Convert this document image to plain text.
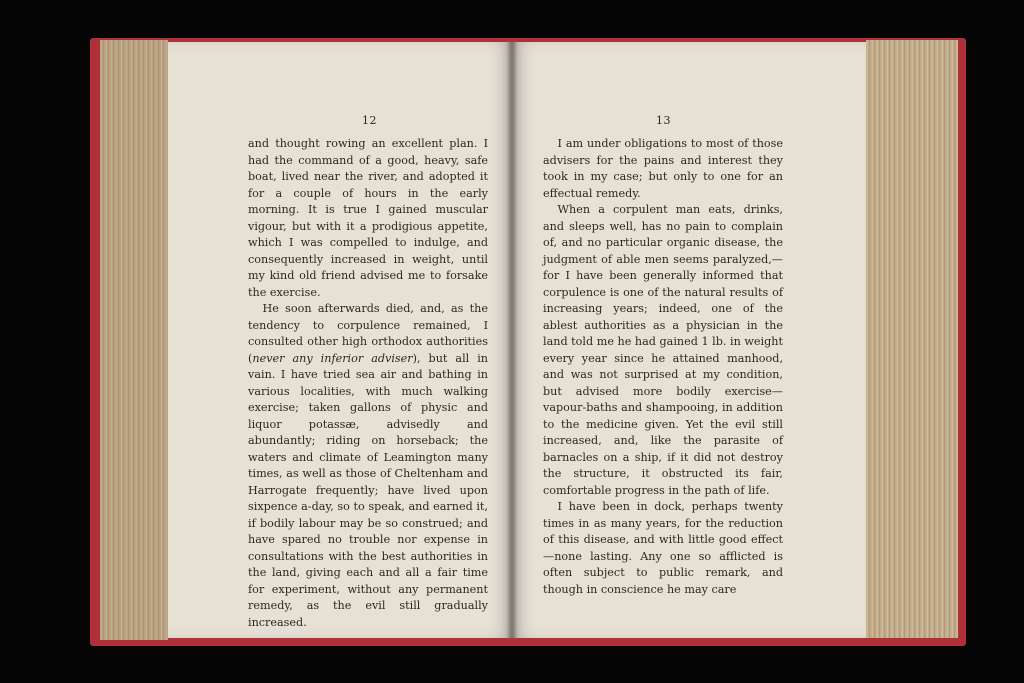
12

and thought rowing an excellent plan. I had the command of a good, heavy, safe boat, lived near the river, and adopted it for a couple of hours in the early morning. It is true I gained muscular vigour, but with it a prodigious appetite, which I was compelled to indulge, and consequently increased in weight, until my kind old friend advised me to forsake the exercise.

He soon afterwards died, and, as the tendency to corpulence remained, I consulted other high orthodox authorities (never any inferior adviser), but all in vain. I have tried sea air and bathing in various localities, with much walking exercise; taken gallons of physic and liquor potassæ, advisedly and abundantly; riding on horseback; the waters and climate of Leamington many times, as well as those of Cheltenham and Harrogate frequently; have lived upon sixpence a-day, so to speak, and earned it, if bodily labour may be so construed; and have spared no trouble nor expense in consultations with the best authorities in the land, giving each and all a fair time for experiment, without any permanent remedy, as the evil still gradually increased.

13

I am under obligations to most of those advisers for the pains and interest they took in my case; but only to one for an effectual remedy.

When a corpulent man eats, drinks, and sleeps well, has no pain to complain of, and no particular organic disease, the judgment of able men seems paralyzed,—for I have been generally informed that corpulence is one of the natural results of increasing years; indeed, one of the ablest authorities as a physician in the land told me he had gained 1 lb. in weight every year since he attained manhood, and was not surprised at my condition, but advised more bodily exercise—vapour-baths and shampooing, in addition to the medicine given. Yet the evil still increased, and, like the parasite of barnacles on a ship, if it did not destroy the structure, it obstructed its fair, comfortable progress in the path of life.

I have been in dock, perhaps twenty times in as many years, for the reduction of this disease, and with little good effect—none lasting. Any one so afflicted is often subject to public remark, and though in conscience he may care
